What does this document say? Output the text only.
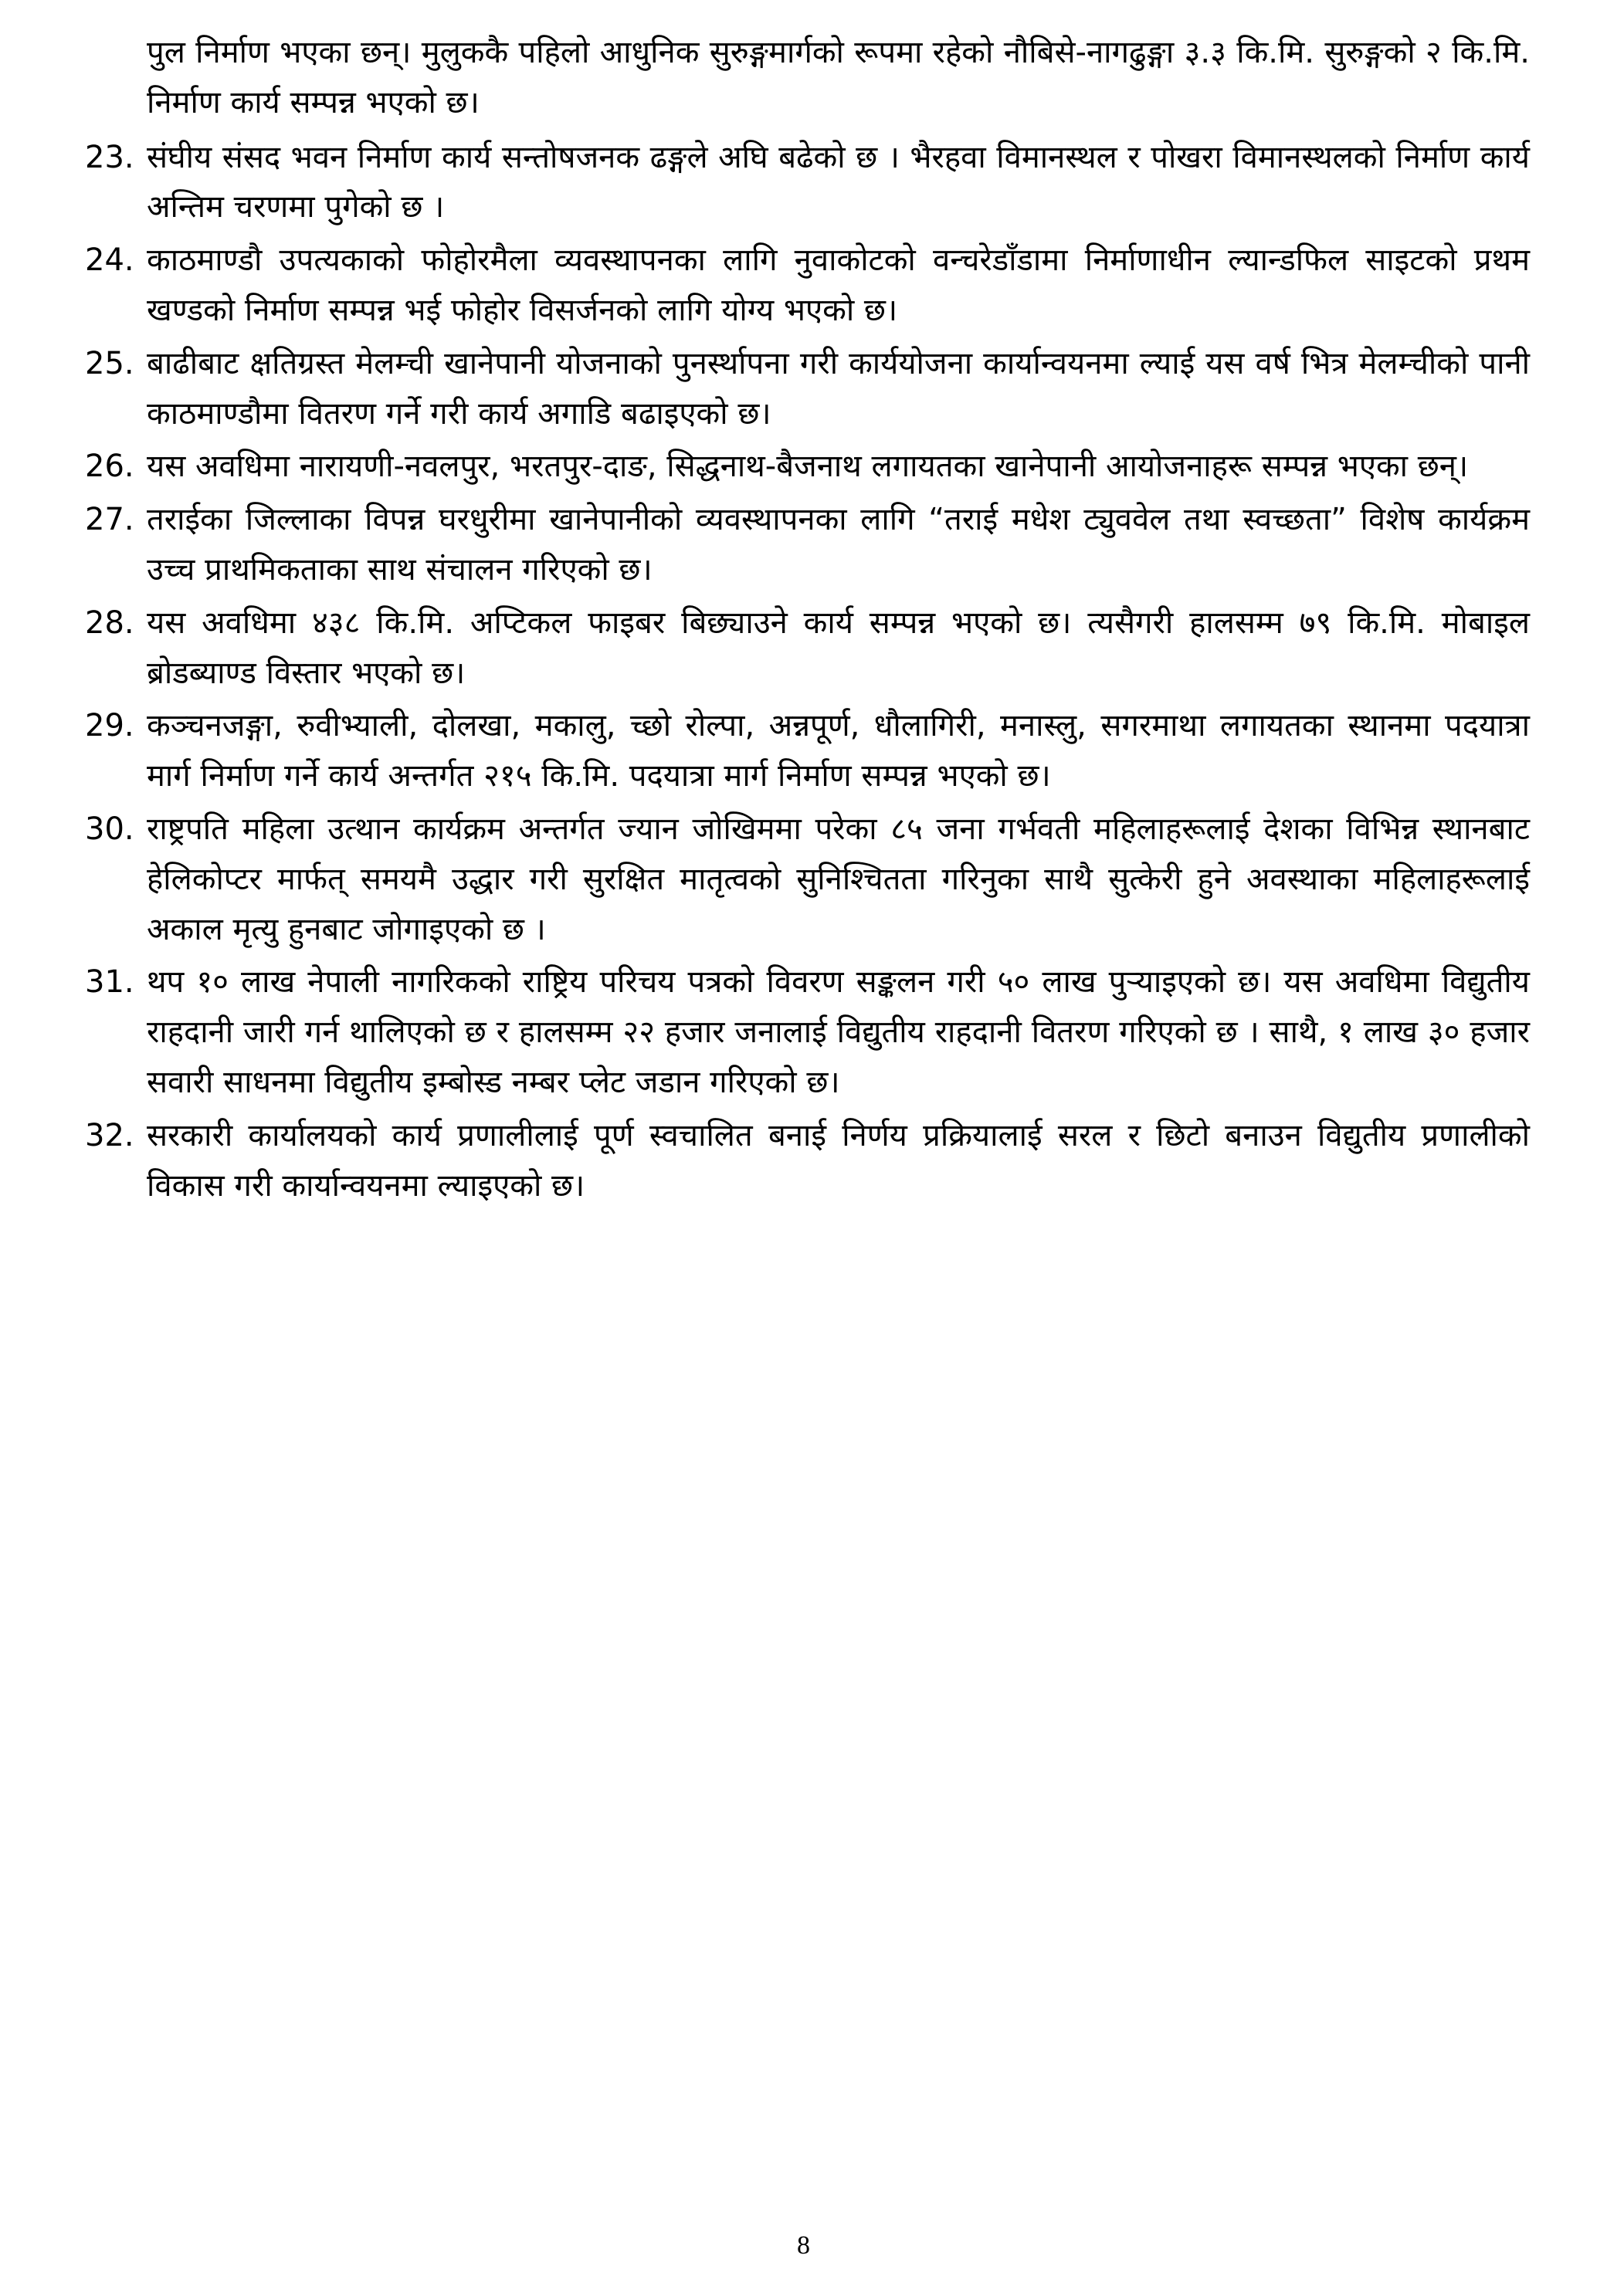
पुल निर्माण भएका छन्। मुलुककै पहिलो आधुनिक सुरुङ्गमार्गको रूपमा रहेको नौबिसे-नागढुङ्गा ३.३ कि.मि. सुरुङ्गको २ कि.मि. निर्माण कार्य सम्पन्न भएको छ।
23. संघीय संसद भवन निर्माण कार्य सन्तोषजनक ढङ्गले अघि बढेको छ । भैरहवा विमानस्थल र पोखरा विमानस्थलको निर्माण कार्य अन्तिम चरणमा पुगेको छ ।
24. काठमाण्डौ उपत्यकाको फोहोरमैला व्यवस्थापनका लागि नुवाकोटको वन्चरेडाँडामा निर्माणाधीन ल्यान्डफिल साइटको प्रथम खण्डको निर्माण सम्पन्न भई फोहोर विसर्जनको लागि योग्य भएको छ।
25. बाढीबाट क्षतिग्रस्त मेलम्ची खानेपानी योजनाको पुनर्स्थापना गरी कार्ययोजना कार्यान्वयनमा ल्याई यस वर्ष भित्र मेलम्चीको पानी काठमाण्डौमा वितरण गर्ने गरी कार्य अगाडि बढाइएको छ।
26. यस अवधिमा नारायणी-नवलपुर, भरतपुर-दाङ, सिद्धनाथ-बैजनाथ लगायतका खानेपानी आयोजनाहरू सम्पन्न भएका छन्।
27. तराईका जिल्लाका विपन्न घरधुरीमा खानेपानीको व्यवस्थापनका लागि “तराई मधेश ट्युववेल तथा स्वच्छता” विशेष कार्यक्रम उच्च प्राथमिकताका साथ संचालन गरिएको छ।
28. यस अवधिमा ४३८ कि.मि. अप्टिकल फाइबर बिछ्याउने कार्य सम्पन्न भएको छ। त्यसैगरी हालसम्म ७९ कि.मि. मोबाइल ब्रोडब्याण्ड विस्तार भएको छ।
29. कञ्चनजङ्गा, रुवीभ्याली, दोलखा, मकालु, च्छो रोल्पा, अन्नपूर्ण, धौलागिरी, मनास्लु, सगरमाथा लगायतका स्थानमा पदयात्रा मार्ग निर्माण गर्ने कार्य अन्तर्गत २१५ कि.मि. पदयात्रा मार्ग निर्माण सम्पन्न भएको छ।
30. राष्ट्रपति महिला उत्थान कार्यक्रम अन्तर्गत ज्यान जोखिममा परेका ८५ जना गर्भवती महिलाहरूलाई देशका विभिन्न स्थानबाट हेलिकोप्टर मार्फत् समयमै उद्धार गरी सुरक्षित मातृत्वको सुनिश्चितता गरिनुका साथै सुत्केरी हुने अवस्थाका महिलाहरूलाई अकाल मृत्यु हुनबाट जोगाइएको छ ।
31. थप १० लाख नेपाली नागरिकको राष्ट्रिय परिचय पत्रको विवरण सङ्कलन गरी ५० लाख पुऱ्याइएको छ। यस अवधिमा विद्युतीय राहदानी जारी गर्न थालिएको छ र हालसम्म २२ हजार जनालाई विद्युतीय राहदानी वितरण गरिएको छ । साथै, १ लाख ३० हजार सवारी साधनमा विद्युतीय इम्बोस्ड नम्बर प्लेट जडान गरिएको छ।
32. सरकारी कार्यालयको कार्य प्रणालीलाई पूर्ण स्वचालित बनाई निर्णय प्रक्रियालाई सरल र छिटो बनाउन विद्युतीय प्रणालीको विकास गरी कार्यान्वयनमा ल्याइएको छ।
8
